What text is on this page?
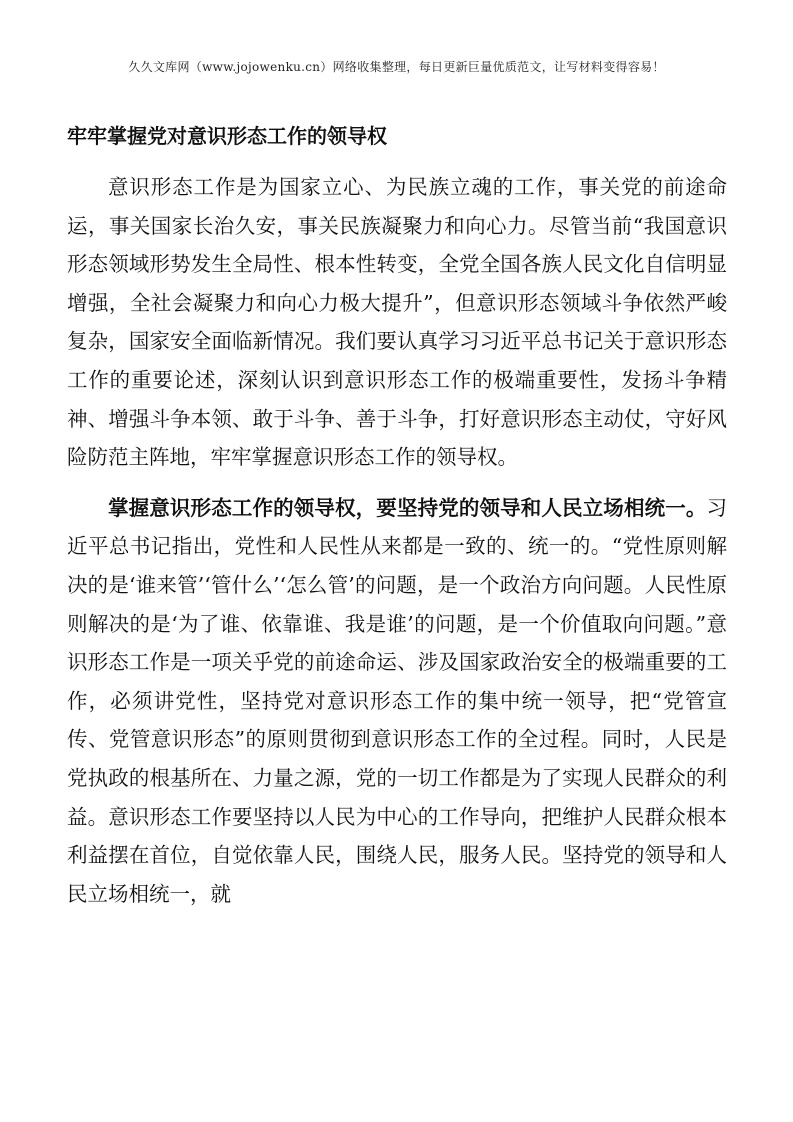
久久文库网（www.jojowenku.cn）网络收集整理，每日更新巨量优质范文，让写材料变得容易！
牢牢掌握党对意识形态工作的领导权

意识形态工作是为国家立心、为民族立魂的工作，事关党的前途命运，事关国家长治久安，事关民族凝聚力和向心力。尽管当前“我国意识形态领域形势发生全局性、根本性转变，全党全国各族人民文化自信明显增强，全社会凝聚力和向心力极大提升”，但意识形态领域斗争依然严峻复杂，国家安全面临新情况。我们要认真学习习近平总书记关于意识形态工作的重要论述，深刻认识到意识形态工作的极端重要性，发扬斗争精神、增强斗争本领、敢于斗争、善于斗争，打好意识形态主动仗，守好风险防范主阵地，牢牢掌握意识形态工作的领导权。

掌握意识形态工作的领导权，要坚持党的领导和人民立场相统一。习近平总书记指出，党性和人民性从来都是一致的、统一的。“党性原则解决的是‘谁来管’‘管什么’‘怎么管’的问题，是一个政治方向问题。人民性原则解决的是‘为了谁、依靠谁、我是谁’的问题，是一个价值取向问题。”意识形态工作是一项关乎党的前途命运、涉及国家政治安全的极端重要的工作，必须讲党性，坚持党对意识形态工作的集中统一领导，把“党管宣传、党管意识形态”的原则贯彻到意识形态工作的全过程。同时，人民是党执政的根基所在、力量之源，党的一切工作都是为了实现人民群众的利益。意识形态工作要坚持以人民为中心的工作导向，把维护人民群众根本利益摆在首位，自觉依靠人民，围绕人民，服务人民。坚持党的领导和人民立场相统一，就
